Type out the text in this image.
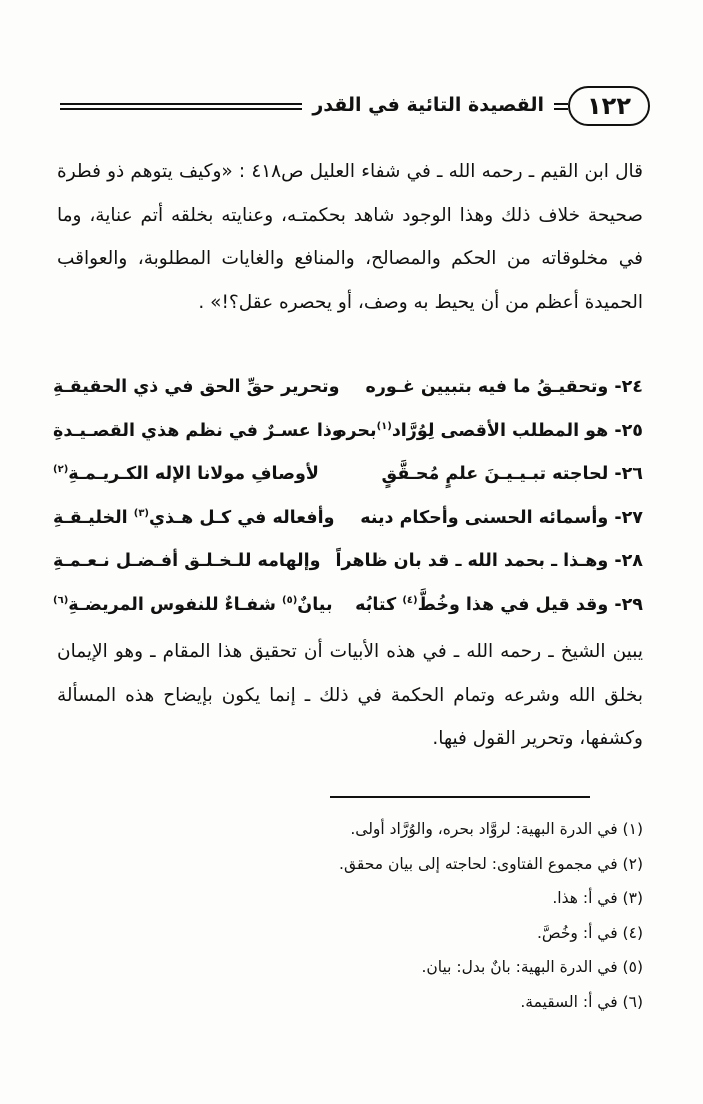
القصيدة التائية في القدر	١٢٢
قال ابن القيم ـ رحمه الله ـ في شفاء العليل ص٤١٨ : «وكيف يتوهم ذو فطرة صحيحة خلاف ذلك وهذا الوجود شاهد بحكمتـه، وعنايته بخلقه أتم عناية، وما في مخلوقاته من الحكم والمصالح، والمنافع والغايات المطلوبة، والعواقب الحميدة أعظم من أن يحيط به وصف، أو يحصره عقل؟!» .
٢٤- وتحقيـقُ ما فيه بتبيين غـوره
وتحرير حقِّ الحق في ذي الحقيقـةِ
٢٥- هو المطلب الأقصى لِوُرَّاد$^{(١)}$بحره
وذا عسـرٌ في نظم هذي القصـيـدةِ
٢٦- لحاجته تبـيـيـنَ علمٍ مُحـقَّقٍ
لأوصافِ مولانا الإله الكـريـمـةِ$^{(٢)}$
٢٧- وأسمائه الحسنى وأحكام دينه
وأفعاله في كـل هـذي$^{(٣)}$ الخليـقـةِ
٢٨- وهـذا ـ بحمد الله ـ قد بان ظاهراً
وإلهامه للـخـلـق أفـضـل نـعـمـةِ
٢٩- وقد قيل في هذا وخُطَّ$^{(٤)}$ كتابُه
بيانٌ$^{(٥)}$ شفـاءٌ للنفوس المريضـةِ$^{(٦)}$
يبين الشيخ ـ رحمه الله ـ في هذه الأبيات أن تحقيق هذا المقام ـ وهو الإيمان بخلق الله وشرعه وتمام الحكمة في ذلك ـ إنما يكون بإيضاح هذه المسألة وكشفها، وتحرير القول فيها.
(١) في الدرة البهية: لروَّاد بحره، والوُرَّاد أولى.
(٢) في مجموع الفتاوى: لحاجته إلى بيان محقق.
(٣) في أ: هذا.
(٤) في أ: وخُصَّ.
(٥) في الدرة البهية: بانٌ بدل: بيان.
(٦) في أ: السقيمة.
